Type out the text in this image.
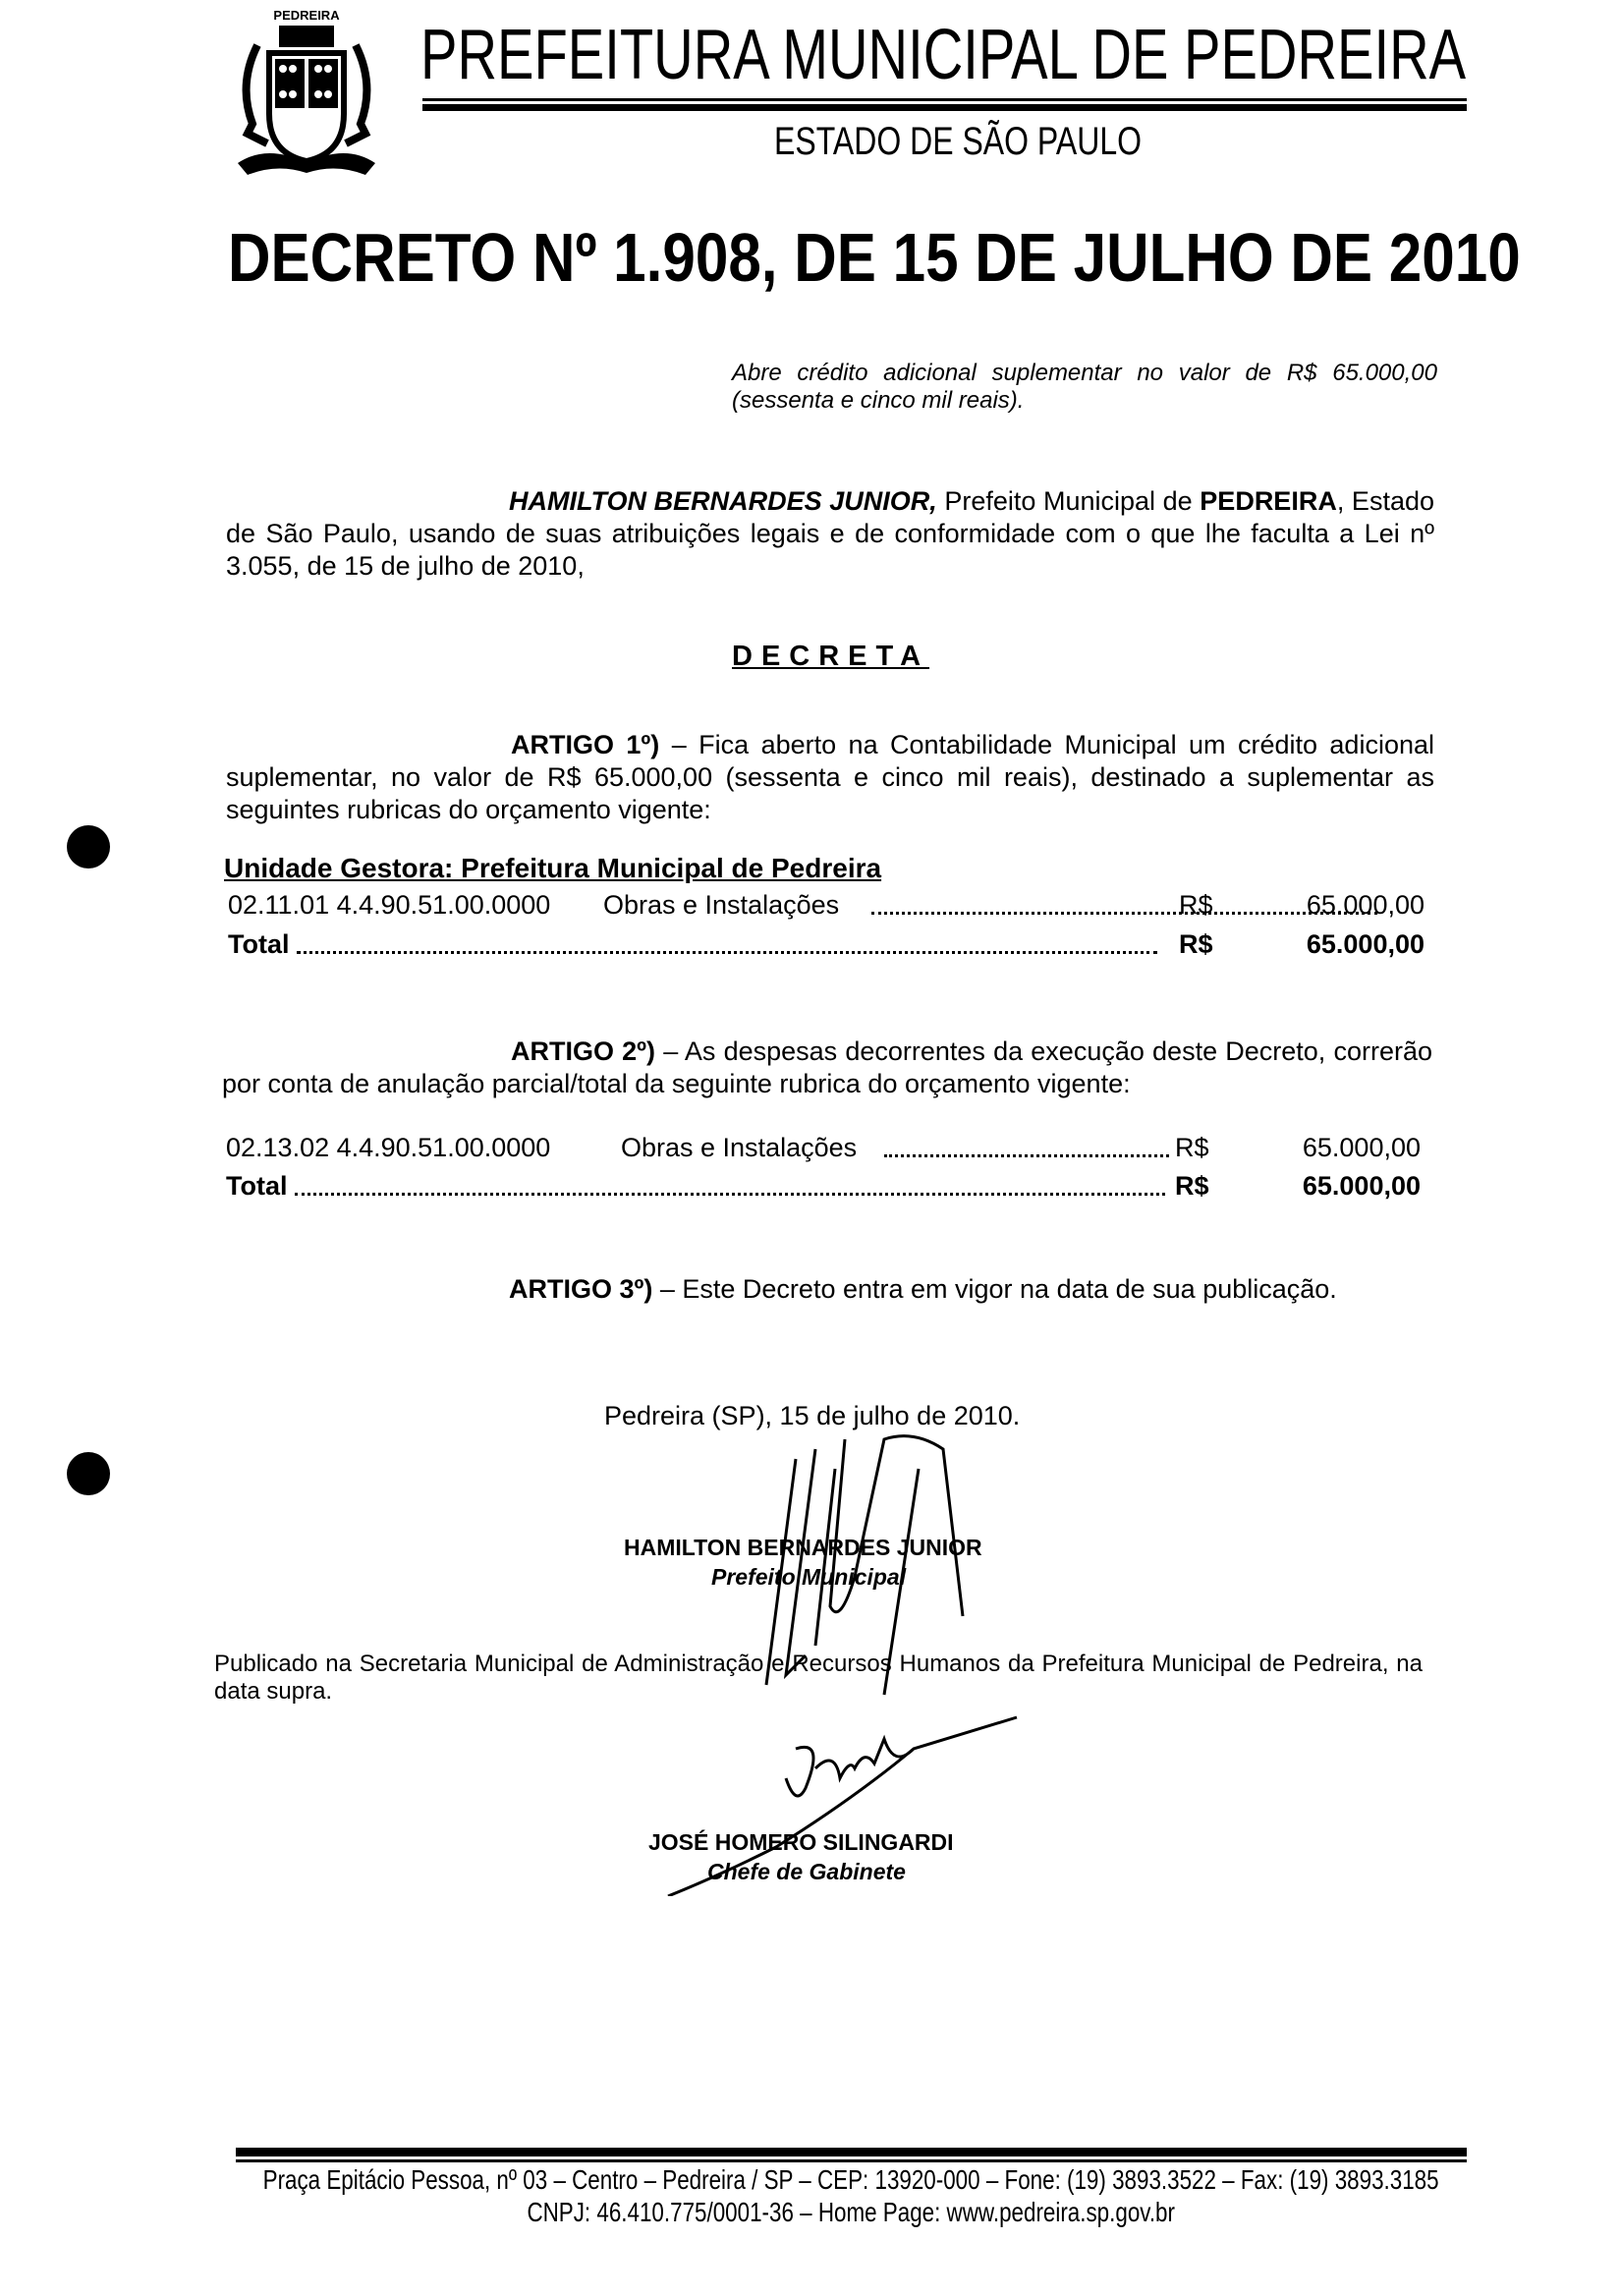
PEDREIRA
PREFEITURA MUNICIPAL DE PEDREIRA
ESTADO DE SÃO PAULO
DECRETO Nº 1.908, DE 15 DE JULHO DE 2010
Abre crédito adicional suplementar no valor de R$ 65.000,00 (sessenta e cinco mil reais).
HAMILTON BERNARDES JUNIOR, Prefeito Municipal de PEDREIRA, Estado de São Paulo, usando de suas atribuições legais e de conformidade com o que lhe faculta a Lei nº 3.055, de 15 de julho de 2010,
DECRETA
ARTIGO 1º) – Fica aberto na Contabilidade Municipal um crédito adicional suplementar, no valor de R$ 65.000,00 (sessenta e cinco mil reais), destinado a suplementar as seguintes rubricas do orçamento vigente:
Unidade Gestora: Prefeitura Municipal de Pedreira
02.11.01 4.4.90.51.00.0000 Obras e Instalações	R$	65.000,00
Total	R$	65.000,00
ARTIGO 2º) – As despesas decorrentes da execução deste Decreto, correrão por conta de anulação parcial/total da seguinte rubrica do orçamento vigente:
02.13.02 4.4.90.51.00.0000	Obras e Instalações	R$	65.000,00
Total	R$	65.000,00
ARTIGO 3º) – Este Decreto entra em vigor na data de sua publicação.
Pedreira (SP), 15 de julho de 2010.
HAMILTON BERNARDES JUNIOR
Prefeito Municipal
Publicado na Secretaria Municipal de Administração e Recursos Humanos da Prefeitura Municipal de Pedreira, na data supra.
JOSÉ HOMERO SILINGARDI
Chefe de Gabinete
Praça Epitácio Pessoa, nº 03 – Centro – Pedreira / SP – CEP: 13920-000 – Fone: (19) 3893.3522 – Fax: (19) 3893.3185
CNPJ: 46.410.775/0001-36 – Home Page: www.pedreira.sp.gov.br
